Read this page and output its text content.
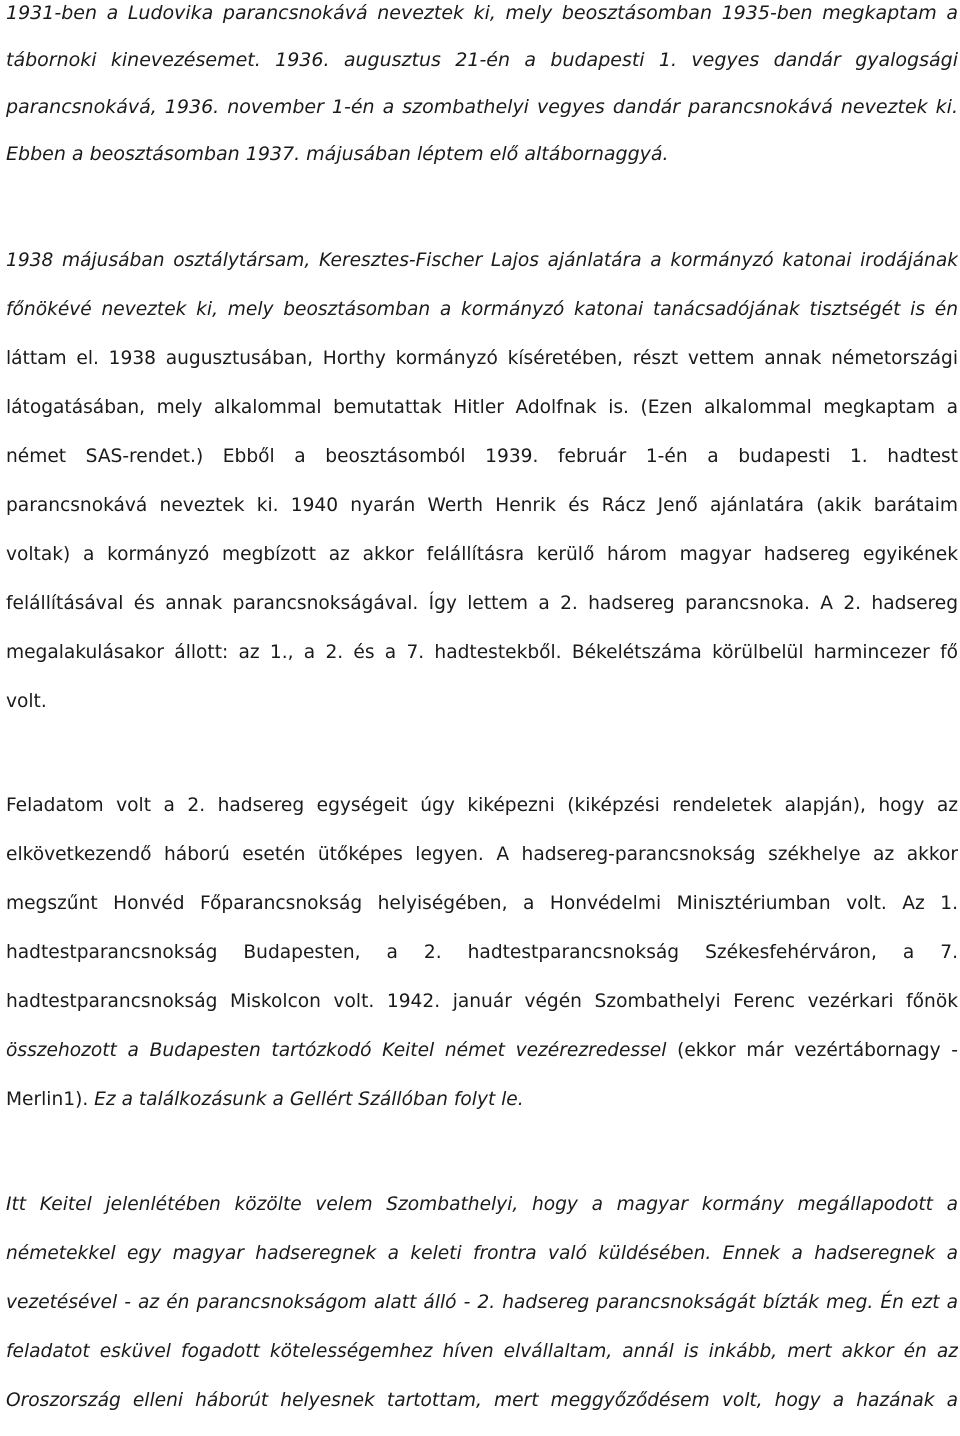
1931-ben a Ludovika parancsnokává neveztek ki, mely beosztásomban 1935-ben megkaptam a
tábornoki kinevezésemet. 1936. augusztus 21-én a budapesti 1. vegyes dandár gyalogsági
parancsnokává, 1936. november 1-én a szombathelyi vegyes dandár parancsnokává neveztek ki.
Ebben a beosztásomban 1937. májusában léptem elő altábornaggyá.
1938 májusában osztálytársam, Keresztes-Fischer Lajos ajánlatára a kormányzó katonai irodájának
főnökévé neveztek ki, mely beosztásomban a kormányzó katonai tanácsadójának tisztségét is én
láttam el. 1938 augusztusában, Horthy kormányzó kíséretében, részt vettem annak németországi
látogatásában, mely alkalommal bemutattak Hitler Adolfnak is. (Ezen alkalommal megkaptam a
német SAS-rendet.) Ebből a beosztásomból 1939. február 1-én a budapesti 1. hadtest
parancsnokává neveztek ki. 1940 nyarán Werth Henrik és Rácz Jenő ajánlatára (akik barátaim
voltak) a kormányzó megbízott az akkor felállításra kerülő három magyar hadsereg egyikének
felállításával és annak parancsnokságával. Így lettem a 2. hadsereg parancsnoka. A 2. hadsereg
megalakulásakor állott: az 1., a 2. és a 7. hadtestekből. Békelétszáma körülbelül harmincezer fő
volt.
Feladatom volt a 2. hadsereg egységeit úgy kiképezni (kiképzési rendeletek alapján), hogy az
elkövetkezendő háború esetén ütőképes legyen. A hadsereg-parancsnokság székhelye az akkor
megszűnt Honvéd Főparancsnokság helyiségében, a Honvédelmi Minisztériumban volt. Az 1.
hadtestparancsnokság Budapesten, a 2. hadtestparancsnokság Székesfehérváron, a 7.
hadtestparancsnokság Miskolcon volt. 1942. január végén Szombathelyi Ferenc vezérkari főnök
összehozott a Budapesten tartózkodó Keitel német vezérezredessel (ekkor már vezértábornagy -
Merlin1). Ez a találkozásunk a Gellért Szállóban folyt le.
Itt Keitel jelenlétében közölte velem Szombathelyi, hogy a magyar kormány megállapodott a
németekkel egy magyar hadseregnek a keleti frontra való küldésében. Ennek a hadseregnek a
vezetésével - az én parancsnokságom alatt álló - 2. hadsereg parancsnokságát bízták meg. Én ezt a
feladatot esküvel fogadott kötelességemhez híven elvállaltam, annál is inkább, mert akkor én az
Oroszország elleni háborút helyesnek tartottam, mert meggyőződésem volt, hogy a hazának a
